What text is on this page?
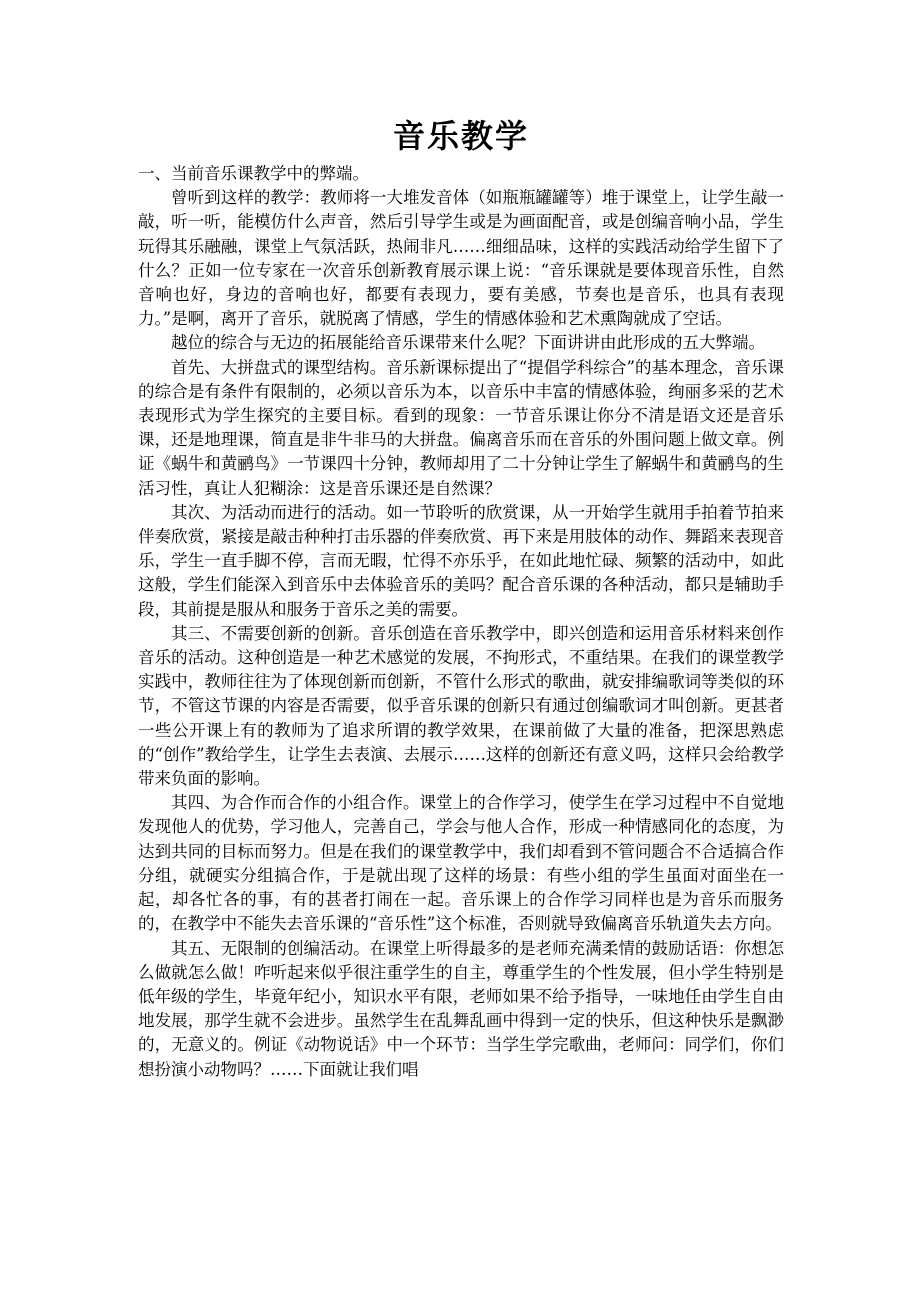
音乐教学

一、当前音乐课教学中的弊端。

曾听到这样的教学：教师将一大堆发音体（如瓶瓶罐罐等）堆于课堂上，让学生敲一敲，听一听，能模仿什么声音，然后引导学生或是为画面配音，或是创编音响小品，学生玩得其乐融融，课堂上气氛活跃，热闹非凡……细细品味，这样的实践活动给学生留下了什么？正如一位专家在一次音乐创新教育展示课上说：“音乐课就是要体现音乐性，自然音响也好，身边的音响也好，都要有表现力，要有美感，节奏也是音乐，也具有表现力。”是啊，离开了音乐，就脱离了情感，学生的情感体验和艺术熏陶就成了空话。

越位的综合与无边的拓展能给音乐课带来什么呢？下面讲讲由此形成的五大弊端。

首先、大拼盘式的课型结构。音乐新课标提出了“提倡学科综合”的基本理念，音乐课的综合是有条件有限制的，必须以音乐为本，以音乐中丰富的情感体验，绚丽多采的艺术表现形式为学生探究的主要目标。看到的现象：一节音乐课让你分不清是语文还是音乐课，还是地理课，简直是非牛非马的大拼盘。偏离音乐而在音乐的外围问题上做文章。例证《蜗牛和黄鹂鸟》一节课四十分钟，教师却用了二十分钟让学生了解蜗牛和黄鹂鸟的生活习性，真让人犯糊涂：这是音乐课还是自然课？

其次、为活动而进行的活动。如一节聆听的欣赏课，从一开始学生就用手拍着节拍来伴奏欣赏，紧接是敲击种种打击乐器的伴奏欣赏、再下来是用肢体的动作、舞蹈来表现音乐，学生一直手脚不停，言而无暇，忙得不亦乐乎，在如此地忙碌、频繁的活动中，如此这般，学生们能深入到音乐中去体验音乐的美吗？配合音乐课的各种活动，都只是辅助手段，其前提是服从和服务于音乐之美的需要。

其三、不需要创新的创新。音乐创造在音乐教学中，即兴创造和运用音乐材料来创作音乐的活动。这种创造是一种艺术感觉的发展，不拘形式，不重结果。在我们的课堂教学实践中，教师往往为了体现创新而创新，不管什么形式的歌曲，就安排编歌词等类似的环节，不管这节课的内容是否需要，似乎音乐课的创新只有通过创编歌词才叫创新。更甚者一些公开课上有的教师为了追求所谓的教学效果，在课前做了大量的准备，把深思熟虑的“创作”教给学生，让学生去表演、去展示……这样的创新还有意义吗，这样只会给教学带来负面的影响。

其四、为合作而合作的小组合作。课堂上的合作学习，使学生在学习过程中不自觉地发现他人的优势，学习他人，完善自己，学会与他人合作，形成一种情感同化的态度，为达到共同的目标而努力。但是在我们的课堂教学中，我们却看到不管问题合不合适搞合作分组，就硬实分组搞合作，于是就出现了这样的场景：有些小组的学生虽面对面坐在一起，却各忙各的事，有的甚者打闹在一起。音乐课上的合作学习同样也是为音乐而服务的，在教学中不能失去音乐课的“音乐性”这个标准，否则就导致偏离音乐轨道失去方向。

其五、无限制的创编活动。在课堂上听得最多的是老师充满柔情的鼓励话语：你想怎么做就怎么做！咋听起来似乎很注重学生的自主，尊重学生的个性发展，但小学生特别是低年级的学生，毕竟年纪小，知识水平有限，老师如果不给予指导，一味地任由学生自由地发展，那学生就不会进步。虽然学生在乱舞乱画中得到一定的快乐，但这种快乐是飘渺的，无意义的。例证《动物说话》中一个环节：当学生学完歌曲，老师问：同学们，你们想扮演小动物吗？……下面就让我们唱
